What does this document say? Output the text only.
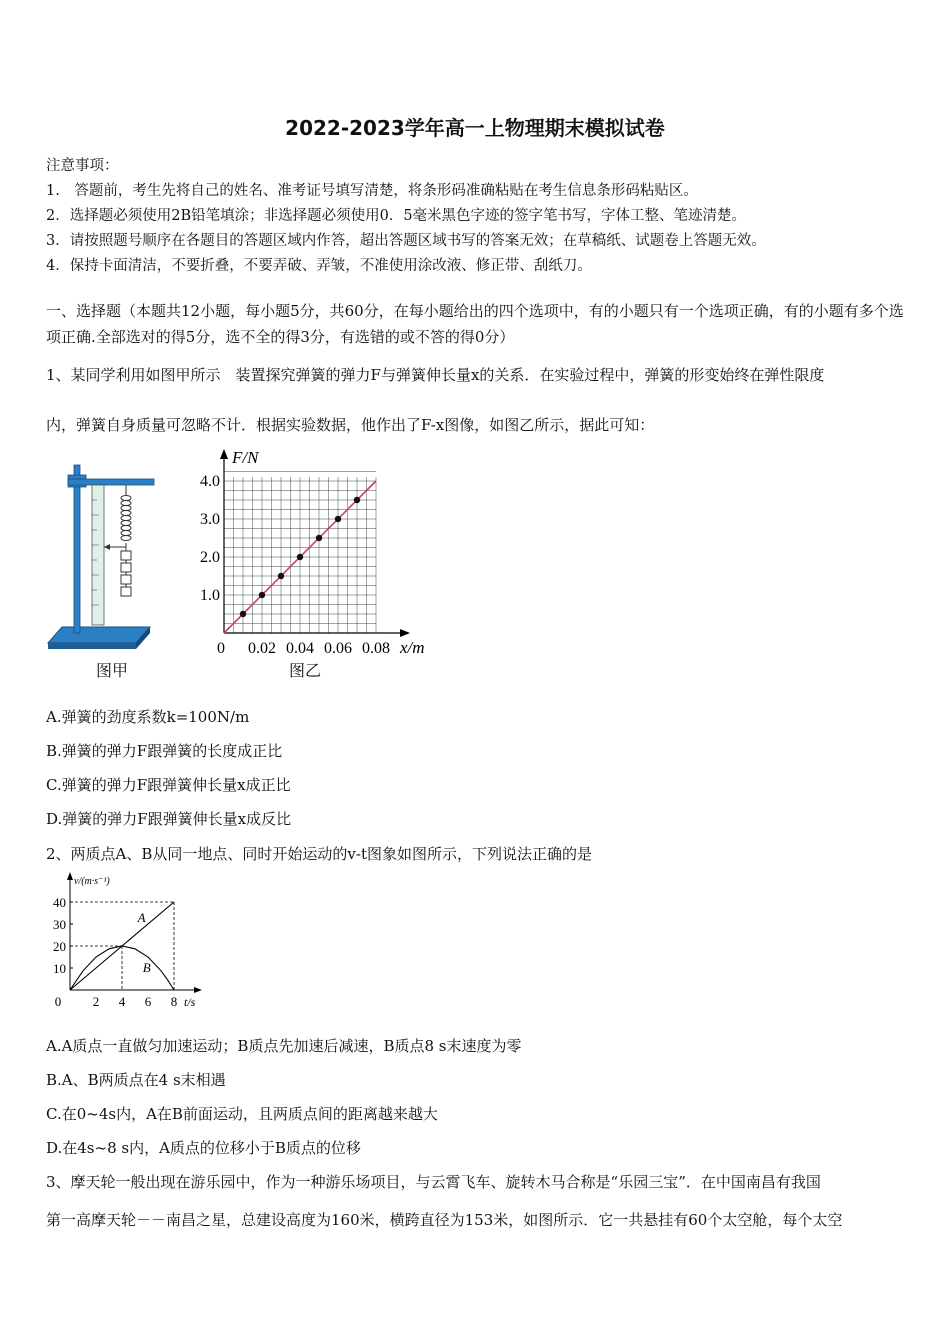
2022-2023学年高一上物理期末模拟试卷
注意事项：
1.　答题前，考生先将自己的姓名、准考证号填写清楚，将条形码准确粘贴在考生信息条形码粘贴区。
2．选择题必须使用2B铅笔填涂；非选择题必须使用0．5毫米黑色字迹的签字笔书写，字体工整、笔迹清楚。
3．请按照题号顺序在各题目的答题区域内作答，超出答题区域书写的答案无效；在草稿纸、试题卷上答题无效。
4．保持卡面清洁，不要折叠，不要弄破、弄皱，不准使用涂改液、修正带、刮纸刀。
一、选择题（本题共12小题，每小题5分，共60分，在每小题给出的四个选项中，有的小题只有一个选项正确，有的小题有多个选项正确.全部选对的得5分，选不全的得3分，有选错的或不答的得0分）
1、某同学利用如图甲所示　装置探究弹簧的弹力F与弹簧伸长量x的关系．在实验过程中，弹簧的形变始终在弹性限度
内，弹簧自身质量可忽略不计．根据实验数据，他作出了F-x图像，如图乙所示，据此可知：
图甲
0 0.02 0.04 0.06 0.08
1.0
2.0
3.0
4.0
F/N
x/m
图乙
A.弹簧的劲度系数k=100N/m
B.弹簧的弹力F跟弹簧的长度成正比
C.弹簧的弹力F跟弹簧伸长量x成正比
D.弹簧的弹力F跟弹簧伸长量x成反比
2、两质点A、B从同一地点、同时开始运动的v-t图象如图所示，下列说法正确的是
v/(m·s⁻¹)
t/s
0 2 4 6 8
10
20
30
40
A
B
A.A质点一直做匀加速运动；B质点先加速后减速，B质点8 s末速度为零
B.A、B两质点在4 s末相遇
C.在0~4s内，A在B前面运动，且两质点间的距离越来越大
D.在4s~8 s内，A质点的位移小于B质点的位移
3、摩天轮一般出现在游乐园中，作为一种游乐场项目，与云霄飞车、旋转木马合称是“乐园三宝”．在中国南昌有我国
第一高摩天轮－－南昌之星，总建设高度为160米，横跨直径为153米，如图所示．它一共悬挂有60个太空舱，每个太空
